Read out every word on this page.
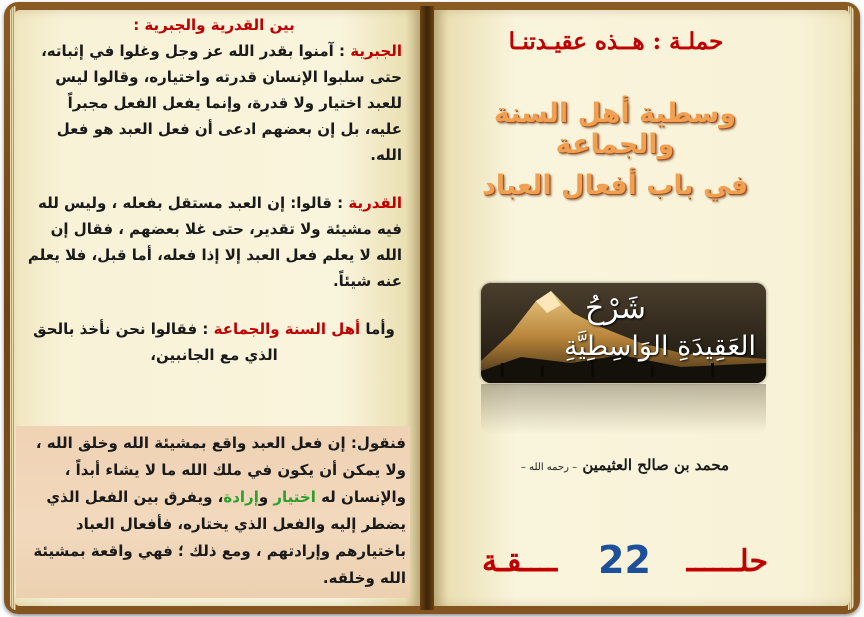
بين القدرية والجبرية :

الجبرية : آمنوا بقدر الله عز وجل وغلوا في إثباته، حتى سلبوا الإنسان قدرته واختياره، وقالوا ليس للعبد اختيار ولا قدرة، وإنما يفعل الفعل مجبراً عليه، بل إن بعضهم ادعى أن فعل العبد هو فعل الله.

القدرية : قالوا: إن العبد مستقل بفعله ، وليس لله فيه مشيئة ولا تقدير، حتى غلا بعضهم ، فقال إن الله لا يعلم فعل العبد إلا إذا فعله، أما قبل، فلا يعلم عنه شيئاً.

وأما أهل السنة والجماعة : فقالوا نحن نأخذ بالحق الذي مع الجانبين،

فنقول: إن فعل العبد واقع بمشيئة الله وخلق الله ، ولا يمكن أن يكون في ملك الله ما لا يشاء أبداً ، والإنسان له اختيار وإرادة، ويفرق بين الفعل الذي يضطر إليه والفعل الذي يختاره، فأفعال العباد باختيارهم وإرادتهم ، ومع ذلك ؛ فهي واقعة بمشيئة الله وخلقه.

حملـة : هــذه عقيـدتنـا
وسطية أهل السنة والجماعة
في باب أفعال العباد
شَرْحُ
العَقِيدَةِ الوَاسِطِيَّةِ
محمد بن صالح العثيمين – رحمه الله –
حلــــــ
22
ــــقـة
